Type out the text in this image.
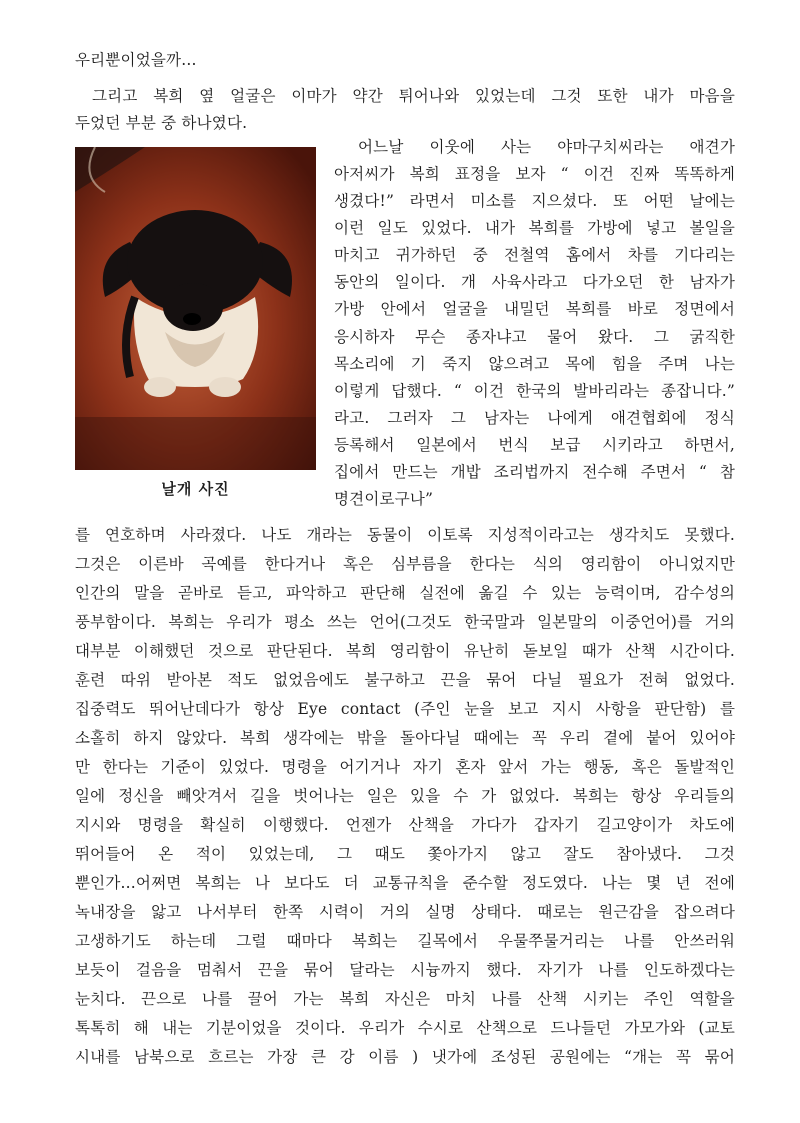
우리뿐이었을까...

그리고 복희 옆 얼굴은 이마가 약간 튀어나와 있었는데 그것 또한 내가 마음을

두었던 부분 중 하나였다.

날개 사진

어느날 이웃에 사는 야마구치씨라는 애견가

아저씨가 복희 표정을 보자 “ 이건 진짜 똑똑하게

생겼다!” 라면서 미소를 지으셨다. 또 어떤 날에는

이런 일도 있었다. 내가 복희를 가방에 넣고 볼일을

마치고 귀가하던 중 전철역 홈에서 차를 기다리는

동안의 일이다. 개 사육사라고 다가오던 한 남자가

가방 안에서 얼굴을 내밀던 복희를 바로 정면에서

응시하자 무슨 종자냐고 물어 왔다. 그 굵직한

목소리에 기 죽지 않으려고 목에 힘을 주며 나는

이렇게 답했다. “ 이건 한국의 발바리라는 종잡니다.”

라고. 그러자 그 남자는 나에게 애견협회에 정식

등록해서 일본에서 번식 보급 시키라고 하면서,

집에서 만드는 개밥 조리법까지 전수해 주면서 “ 참

명견이로구나”

를 연호하며 사라졌다. 나도 개라는 동물이 이토록 지성적이라고는 생각치도 못했다.

그것은 이른바 곡예를 한다거나 혹은 심부름을 한다는 식의 영리함이 아니었지만

인간의 말을 곧바로 듣고, 파악하고 판단해 실전에 옮길 수 있는 능력이며, 감수성의

풍부함이다. 복희는 우리가 평소 쓰는 언어(그것도 한국말과 일본말의 이중언어)를 거의

대부분 이해했던 것으로 판단된다. 복희 영리함이 유난히 돋보일 때가 산책 시간이다.

훈련 따위 받아본 적도 없었음에도 불구하고 끈을 묶어 다닐 필요가 전혀 없었다.

집중력도 뛰어난데다가 항상 Eye contact (주인 눈을 보고 지시 사항을 판단함) 를

소홀히 하지 않았다. 복희 생각에는 밖을 돌아다닐 때에는 꼭 우리 곁에 붙어 있어야

만 한다는 기준이 있었다. 명령을 어기거나 자기 혼자 앞서 가는 행동, 혹은 돌발적인

일에 정신을 빼앗겨서 길을 벗어나는 일은 있을 수 가 없었다. 복희는 항상 우리들의

지시와 명령을 확실히 이행했다. 언젠가 산책을 가다가 갑자기 길고양이가 차도에

뛰어들어 온 적이 있었는데, 그 때도 쫓아가지 않고 잘도 참아냈다. 그것

뿐인가...어쩌면 복희는 나 보다도 더 교통규칙을 준수할 정도였다. 나는 몇 년 전에

녹내장을 앓고 나서부터 한쪽 시력이 거의 실명 상태다. 때로는 원근감을 잡으려다

고생하기도 하는데 그럴 때마다 복희는 길목에서 우물쭈물거리는 나를 안쓰러워

보듯이 걸음을 멈춰서 끈을 묶어 달라는 시늉까지 했다. 자기가 나를 인도하겠다는

눈치다. 끈으로 나를 끌어 가는 복희 자신은 마치 나를 산책 시키는 주인 역할을

톡톡히 해 내는 기분이었을 것이다. 우리가 수시로 산책으로 드나들던 가모가와 (교토

시내를 남북으로 흐르는 가장 큰 강 이름 ) 냇가에 조성된 공원에는 “개는 꼭 묶어
